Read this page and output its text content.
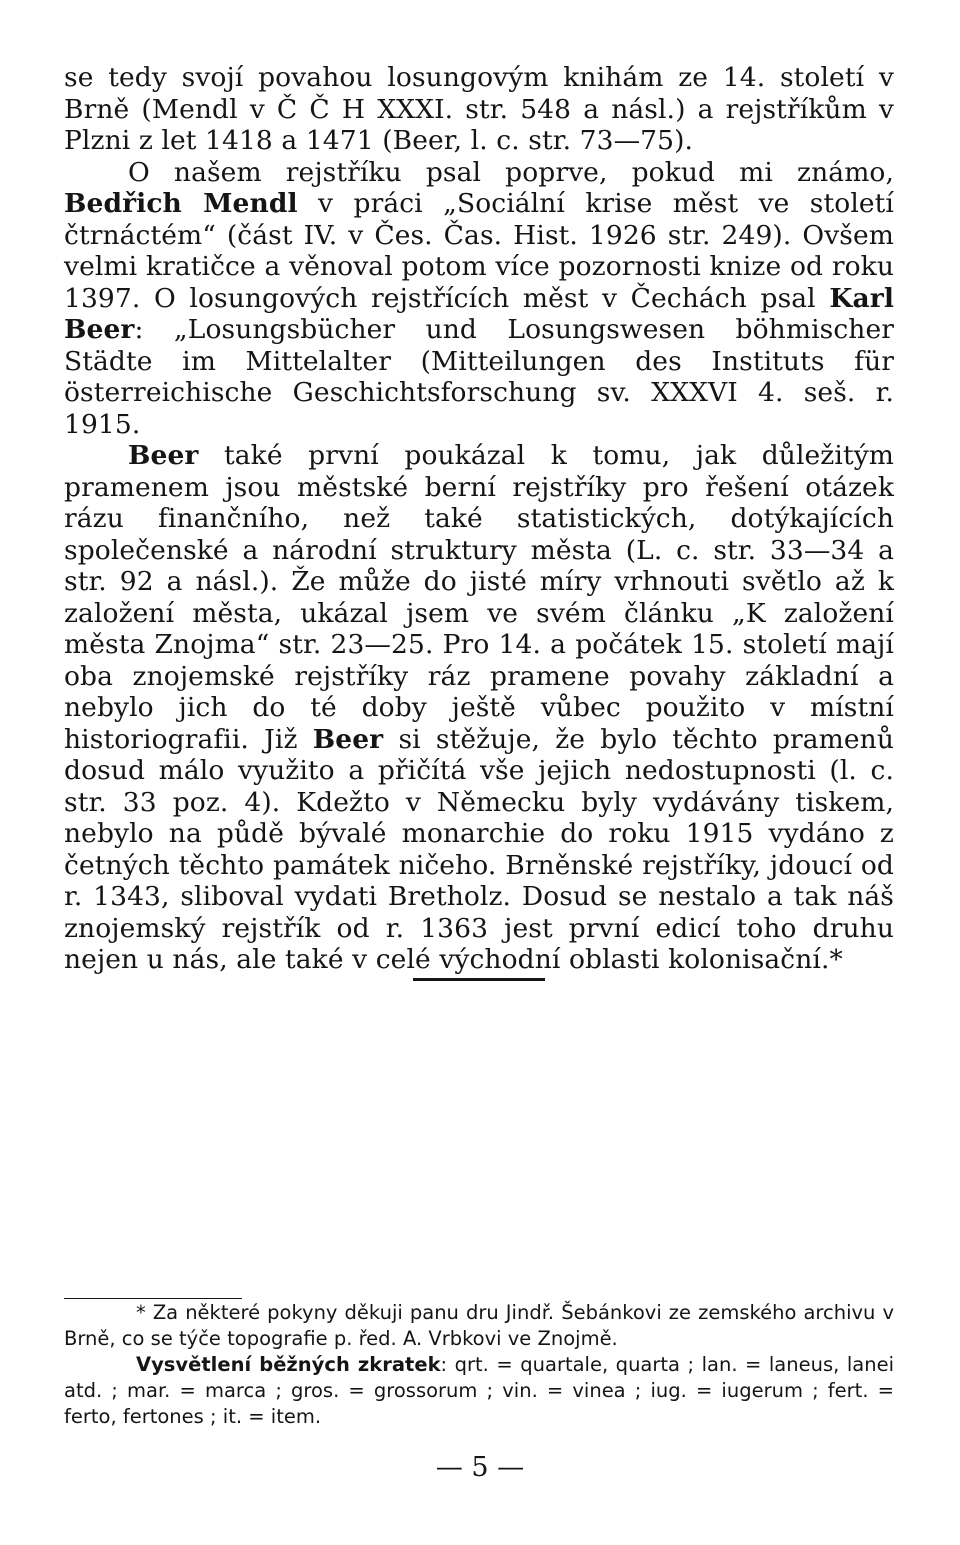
se tedy svojí povahou losungovým knihám ze 14. století v Brně (Mendl v Č Č H XXXI. str. 548 a násl.) a rejstříkům v Plzni z let 1418 a 1471 (Beer, l. c. str. 73—75).

O našem rejstříku psal poprve, pokud mi známo, Bedřich Mendl v práci „Sociální krise měst ve století čtrnáctém“ (část IV. v Čes. Čas. Hist. 1926 str. 249). Ovšem velmi kratičce a věnoval potom více pozornosti knize od roku 1397. O losungových rejstřících měst v Čechách psal Karl Beer: „Losungsbücher und Losungswesen böhmischer Städte im Mittelalter (Mitteilungen des Instituts für österreichische Geschichtsforschung sv. XXXVI 4. seš. r. 1915.

Beer také první poukázal k tomu, jak důležitým pramenem jsou městské berní rejstříky pro řešení otázek rázu finančního, než také statistických, dotýkajících společenské a národní struktury města (L. c. str. 33—34 a str. 92 a násl.). Že může do jisté míry vrhnouti světlo až k založení města, ukázal jsem ve svém článku „K založení města Znojma“ str. 23—25. Pro 14. a počátek 15. století mají oba znojemské rejstříky ráz pramene povahy základní a nebylo jich do té doby ještě vůbec použito v místní historiografii. Již Beer si stěžuje, že bylo těchto pramenů dosud málo využito a přičítá vše jejich nedostupnosti (l. c. str. 33 poz. 4). Kdežto v Německu byly vydávány tiskem, nebylo na půdě bývalé monarchie do roku 1915 vydáno z četných těchto památek ničeho. Brněnské rejstříky, jdoucí od r. 1343, sliboval vydati Bretholz. Dosud se nestalo a tak náš znojemský rejstřík od r. 1363 jest první edicí toho druhu nejen u nás, ale také v celé východní oblasti kolonisační.*

* Za některé pokyny děkuji panu dru Jindř. Šebánkovi ze zemského archivu v Brně, co se týče topografie p. řed. A. Vrbkovi ve Znojmě.

Vysvětlení běžných zkratek: qrt. = quartale, quarta ; lan. = laneus, lanei atd. ; mar. = marca ; gros. = grossorum ; vin. = vinea ; iug. = iugerum ; fert. = ferto, fertones ; it. = item.

— 5 —
